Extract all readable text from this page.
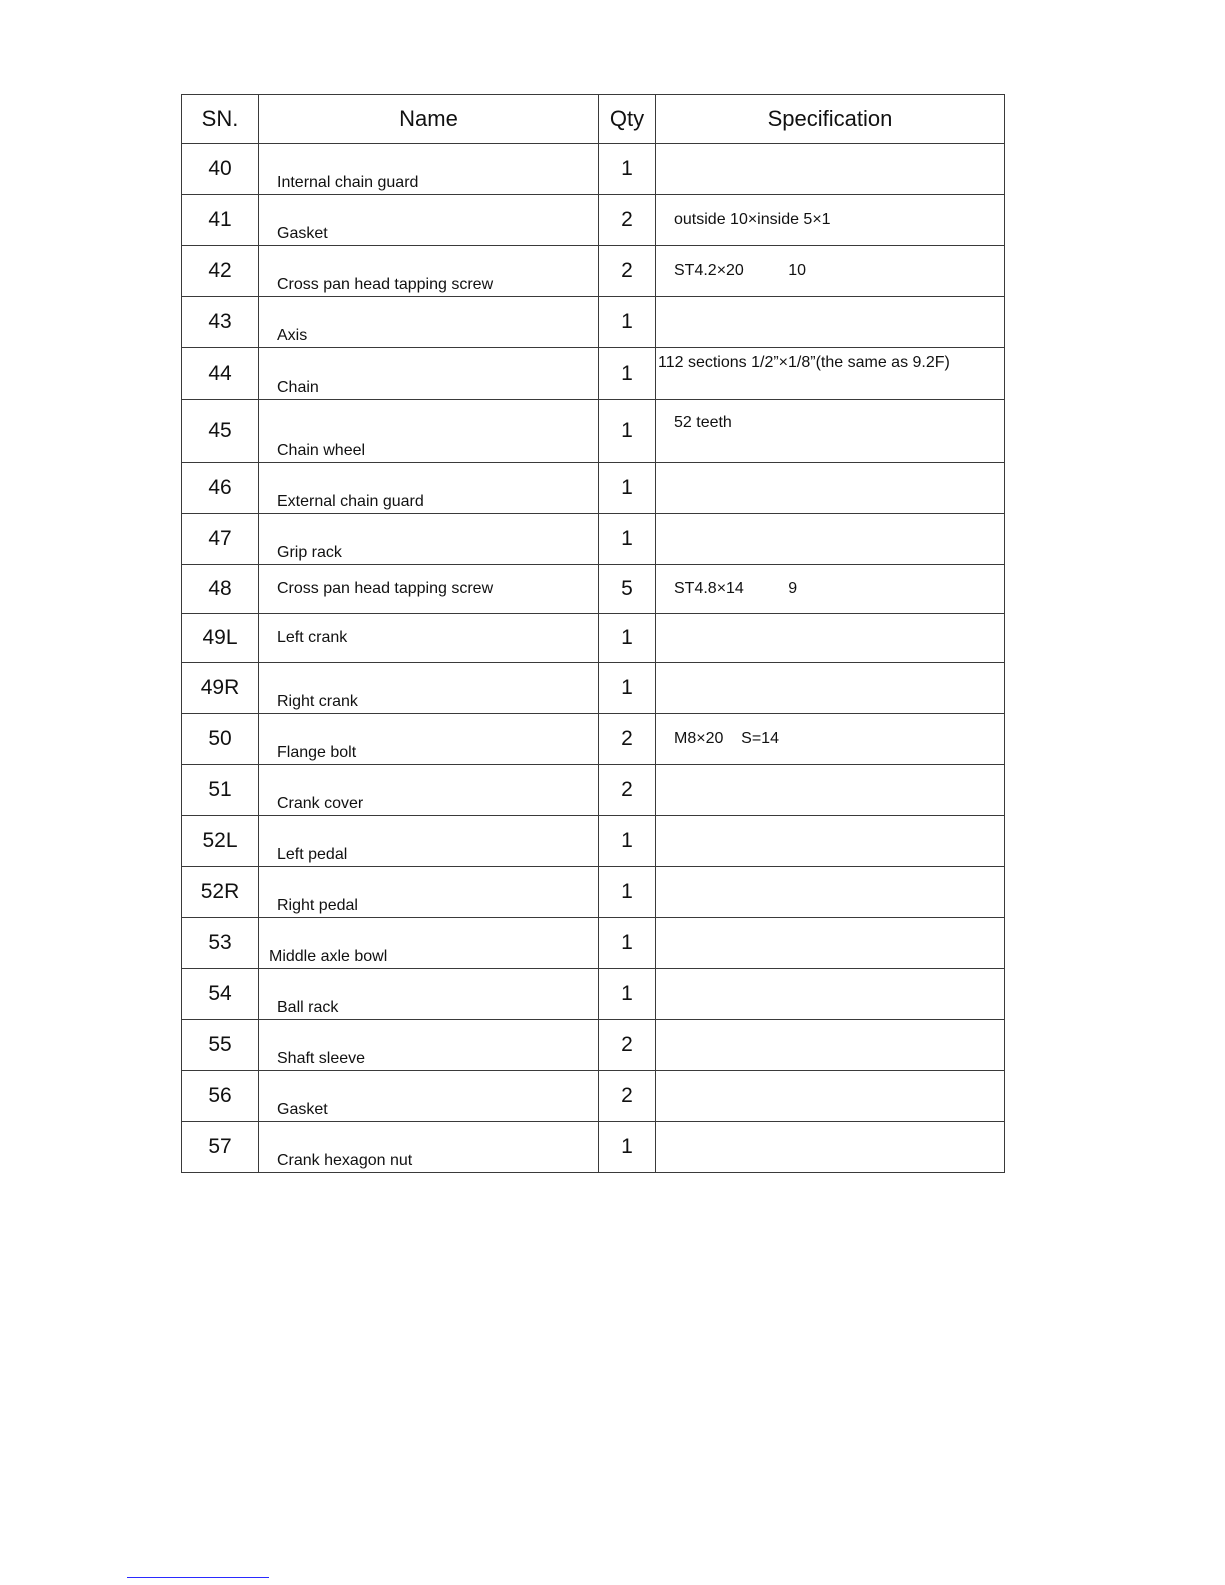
SN.	Name	Qty	Specification
40	Internal chain guard	1	
41	Gasket	2	outside 10×inside 5×1
42	Cross pan head tapping screw	2	ST4.2×20          10
43	Axis	1	
44	Chain	1	112 sections 1/2”×1/8”(the same as 9.2F)
45	Chain wheel	1	52 teeth
46	External chain guard	1	
47	Grip rack	1	
48	Cross pan head tapping screw	5	ST4.8×14          9
49L	Left crank	1	
49R	Right crank	1	
50	Flange bolt	2	M8×20    S=14
51	Crank cover	2	
52L	Left pedal	1	
52R	Right pedal	1	
53	Middle axle bowl	1	
54	Ball rack	1	
55	Shaft sleeve	2	
56	Gasket	2	
57	Crank hexagon nut	1	
